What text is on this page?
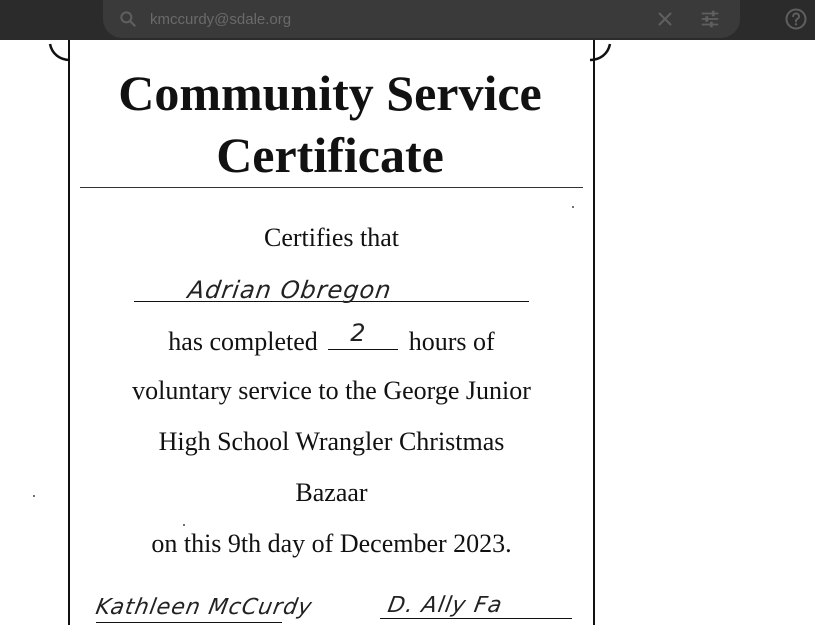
kmccurdy@sdale.org
Community Service
Certificate
Certifies that
Adrian Obregon
has completed 2 hours of
voluntary service to the George Junior
High School Wrangler Christmas
Bazaar
on this 9th day of December 2023.
Kathleen McCurdy	D. Ally Fa
